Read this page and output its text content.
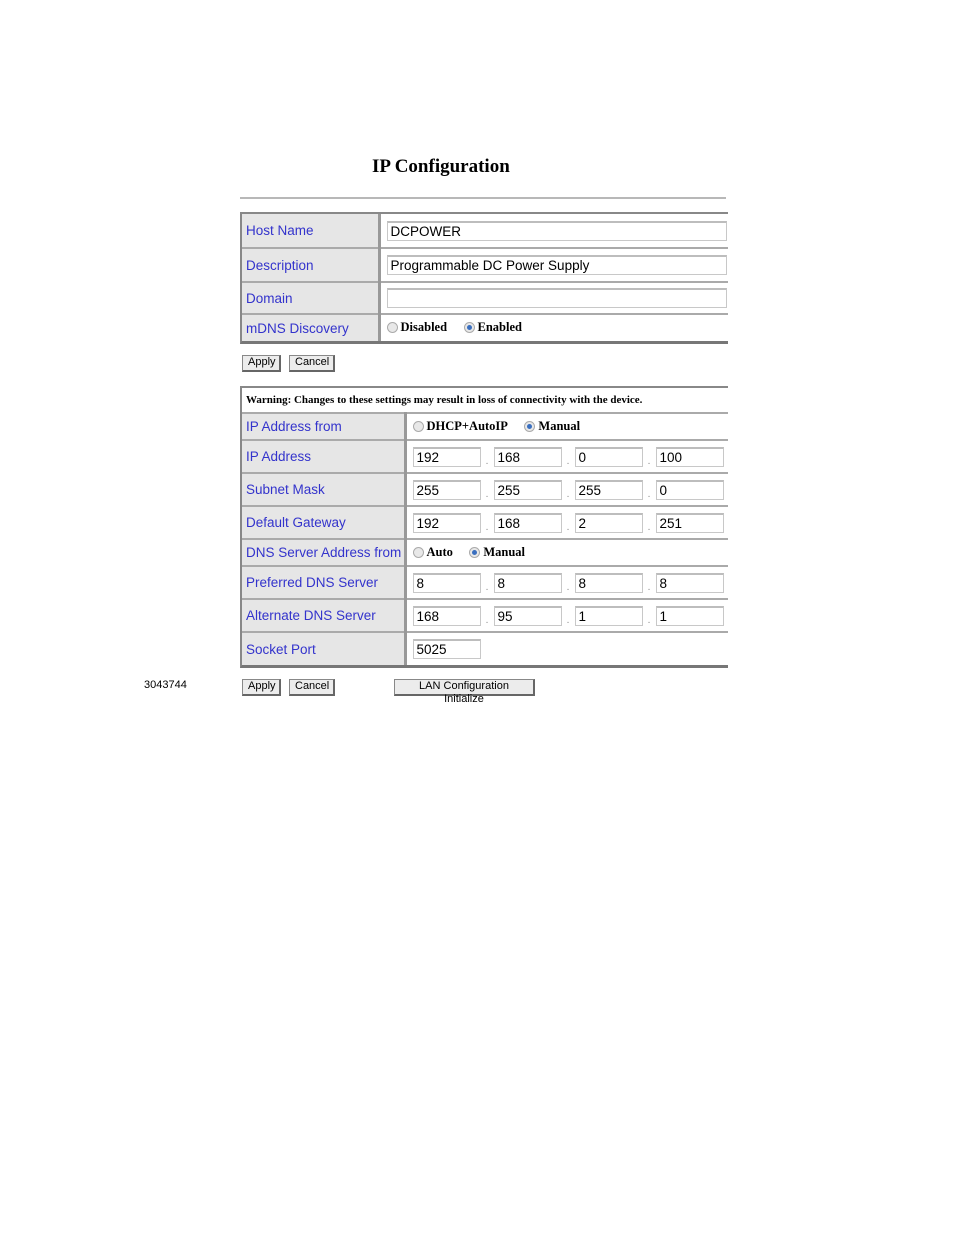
IP Configuration
Host Name	DCPOWER
Description	Programmable DC Power Supply
Domain	
mDNS Discovery	Disabled Enabled
Apply	Cancel
Warning: Changes to these settings may result in loss of connectivity with the device.	
IP Address from	DHCP+AutoIP Manual
IP Address	192 . 168 . 0 . 100
Subnet Mask	255 . 255 . 255 . 0
Default Gateway	192 . 168 . 2 . 251
DNS Server Address from	Auto Manual
Preferred DNS Server	8 . 8 . 8 . 8
Alternate DNS Server	168 . 95 . 1 . 1
Socket Port	5025
3043744	Apply	Cancel	LAN Configuration Initialize
